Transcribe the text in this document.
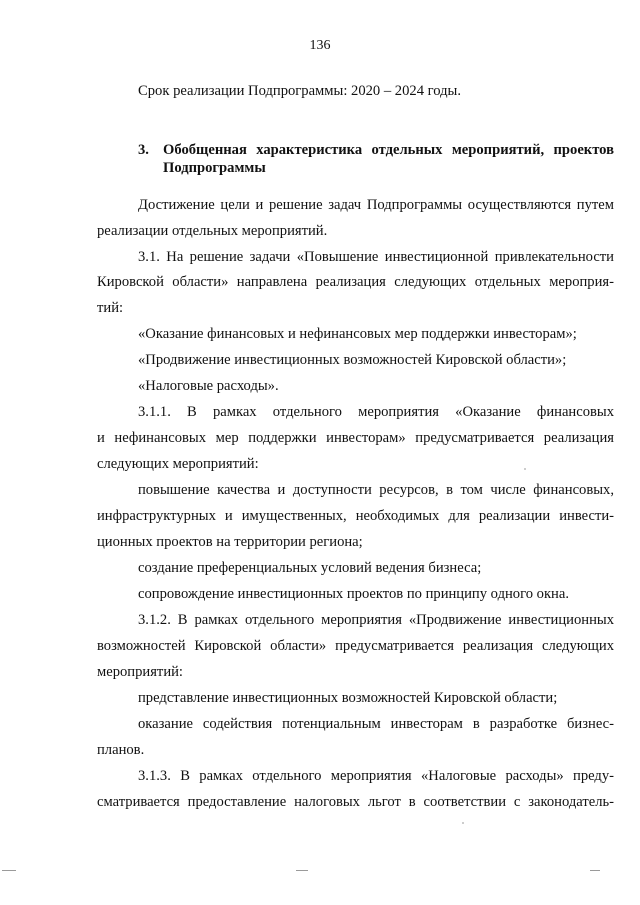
136
Срок реализации Подпрограммы: 2020 – 2024 годы.
3. Обобщенная характеристика отдельных мероприятий, проектов
Подпрограммы
Достижение цели и решение задач Подпрограммы осуществляются путем
реализации отдельных мероприятий.
3.1. На решение задачи «Повышение инвестиционной привлекательности
Кировской области» направлена реализация следующих отдельных мероприя-
тий:
«Оказание финансовых и нефинансовых мер поддержки инвесторам»;
«Продвижение инвестиционных возможностей Кировской области»;
«Налоговые расходы».
3.1.1. В рамках отдельного мероприятия «Оказание финансовых
и нефинансовых мер поддержки инвесторам» предусматривается реализация
следующих мероприятий:
повышение качества и доступности ресурсов, в том числе финансовых,
инфраструктурных и имущественных, необходимых для реализации инвести-
ционных проектов на территории региона;
создание преференциальных условий ведения бизнеса;
сопровождение инвестиционных проектов по принципу одного окна.
3.1.2. В рамках отдельного мероприятия «Продвижение инвестиционных
возможностей Кировской области» предусматривается реализация следующих
мероприятий:
представление инвестиционных возможностей Кировской области;
оказание содействия потенциальным инвесторам в разработке бизнес-
планов.
3.1.3. В рамках отдельного мероприятия «Налоговые расходы» преду-
сматривается предоставление налоговых льгот в соответствии с законодатель-
